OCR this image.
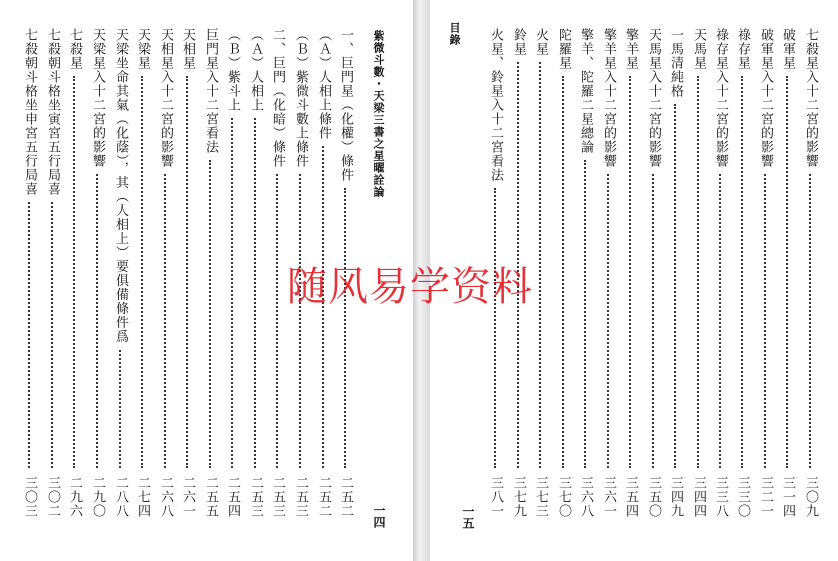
紫微斗數・天梁三書之星曜詮論
一四
一、巨門星（化權）條件
二五二
（Ａ）人相上條件
二五二
（Ｂ）紫微斗數上條件
二五三
二、巨門（化暗）條件
二五三
（Ａ）人相上
二五三
（Ｂ）紫斗上
二五四
巨門星入十二宮看法
二五五
天相星
二六一
天相星入十二宮的影響
二六八
天梁星
二七四
天梁坐命其氣（化蔭），其（人相上）要俱備條件爲
二八八
天梁星入十二宮的影響
二九〇
七殺星
二九六
七殺朝斗格坐寅宮五行局喜
三〇二
七殺朝斗格坐申宮五行局喜
三〇三
目錄
一五
七殺星入十二宮的影響
三〇九
破軍星
三一四
破軍星入十二宮的影響
三二一
祿存星
三三〇
祿存星入十二宮的影響
三三八
天馬星
三四四
一馬清純格
三四九
天馬星入十二宮的影響
三五〇
擎羊星
三五四
擎羊星入十二宮的影響
三六一
擎羊、陀羅二星總論
三六八
陀羅星
三七〇
火星
三七三
鈴星
三七九
火星、鈴星入十二宮看法
三八一
随风易学资料
